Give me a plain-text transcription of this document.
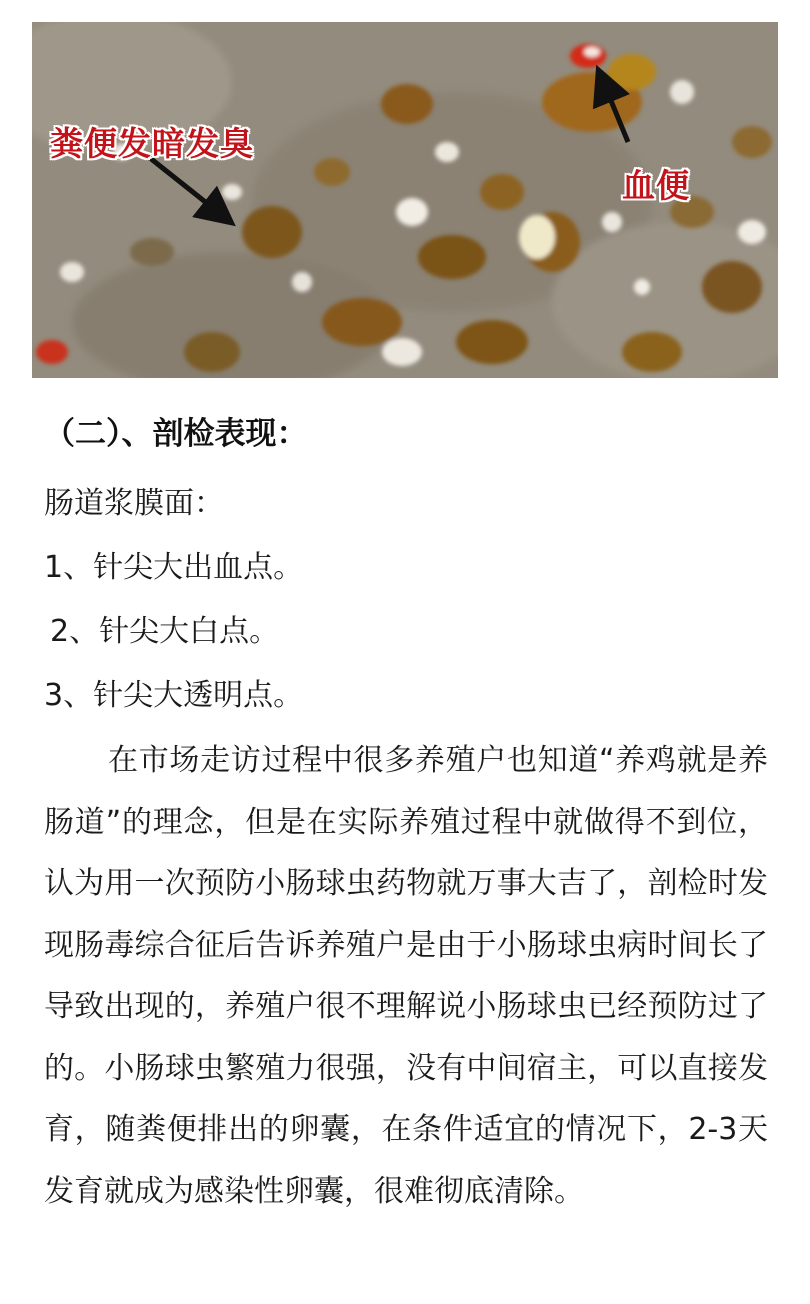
粪便发暗发臭
血便
（二）、剖检表现：
肠道浆膜面：
1、针尖大出血点。
2、针尖大白点。
3、针尖大透明点。

在市场走访过程中很多养殖户也知道“养鸡就是养肠道”的理念，但是在实际养殖过程中就做得不到位，认为用一次预防小肠球虫药物就万事大吉了，剖检时发现肠毒综合征后告诉养殖户是由于小肠球虫病时间长了导致出现的，养殖户很不理解说小肠球虫已经预防过了的。小肠球虫繁殖力很强，没有中间宿主，可以直接发育，随粪便排出的卵囊，在条件适宜的情况下，2-3天发育就成为感染性卵囊，很难彻底清除。
